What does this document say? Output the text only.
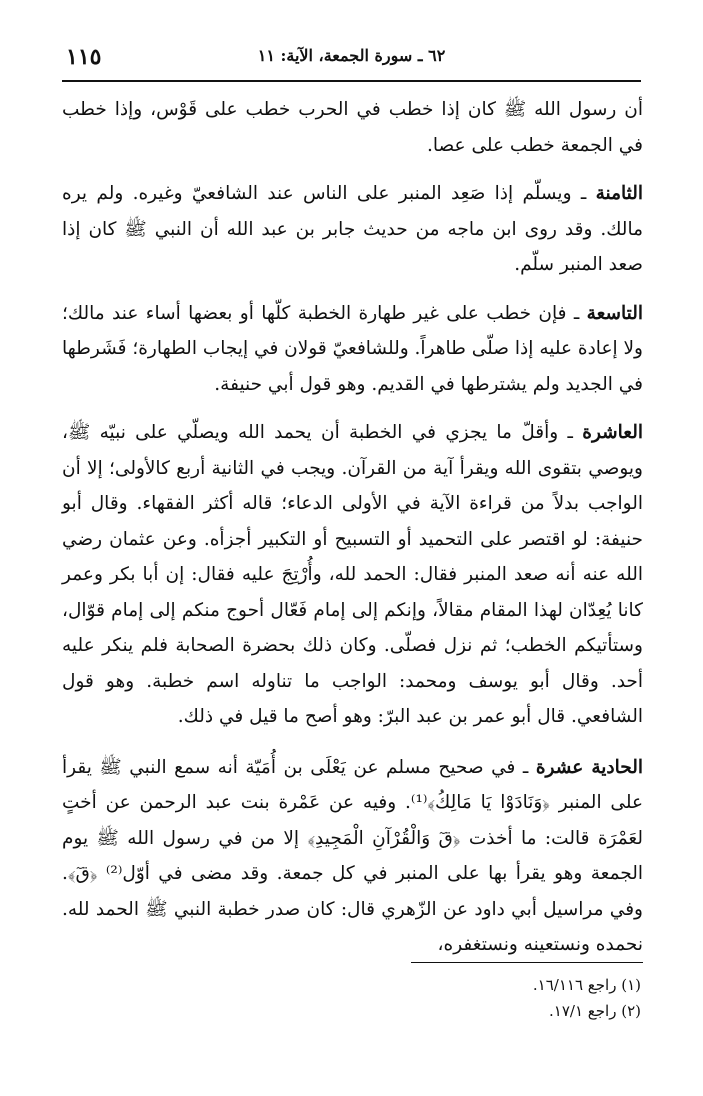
١١٥	٦٢ ـ سورة الجمعة، الآية: ١١

أن رسول الله ﷺ كان إذا خطب في الحرب خطب على قَوْس، وإذا خطب في الجمعة خطب على عصا.

الثامنة ـ ويسلّم إذا صَعِد المنبر على الناس عند الشافعيّ وغيره. ولم يره مالك. وقد روى ابن ماجه من حديث جابر بن عبد الله أن النبي ﷺ كان إذا صعد المنبر سلّم.

التاسعة ـ فإن خطب على غير طهارة الخطبة كلّها أو بعضها أساء عند مالك؛ ولا إعادة عليه إذا صلّى طاهراً. وللشافعيّ قولان في إيجاب الطهارة؛ فَشَرطها في الجديد ولم يشترطها في القديم. وهو قول أبي حنيفة.

العاشرة ـ وأقلّ ما يجزي في الخطبة أن يحمد الله ويصلّي على نبيّه ﷺ، ويوصي بتقوى الله ويقرأ آية من القرآن. ويجب في الثانية أربع كالأولى؛ إلا أن الواجب بدلاً من قراءة الآية في الأولى الدعاء؛ قاله أكثر الفقهاء. وقال أبو حنيفة: لو اقتصر على التحميد أو التسبيح أو التكبير أجزأه. وعن عثمان رضي الله عنه أنه صعد المنبر فقال: الحمد لله، وأُرْتِجَ عليه فقال: إن أبا بكر وعمر كانا يُعِدّان لهذا المقام مقالاً، وإنكم إلى إمام فَعّال أحوج منكم إلى إمام قوّال، وستأتيكم الخطب؛ ثم نزل فصلّى. وكان ذلك بحضرة الصحابة فلم ينكر عليه أحد. وقال أبو يوسف ومحمد: الواجب ما تناوله اسم خطبة. وهو قول الشافعي. قال أبو عمر بن عبد البرّ: وهو أصح ما قيل في ذلك.

الحادية عشرة ـ في صحيح مسلم عن يَعْلَى بن أُمَيّة أنه سمع النبي ﷺ يقرأ على المنبر ﴿وَنَادَوْا يَا مَالِكُ﴾⁽¹⁾. وفيه عن عَمْرة بنت عبد الرحمن عن أختٍ لعَمْرَة قالت: ما أخذت ﴿قٓ وَالْقُرْآنِ الْمَجِيدِ﴾ إلا من في رسول الله ﷺ يوم الجمعة وهو يقرأ بها على المنبر في كل جمعة. وقد مضى في أوّل⁽²⁾ ﴿قٓ﴾. وفي مراسيل أبي داود عن الزّهري قال: كان صدر خطبة النبي ﷺ الحمد لله. نحمده ونستعينه ونستغفره،

(١) راجع ١٦/١١٦.
(٢) راجع ١٧/١.
